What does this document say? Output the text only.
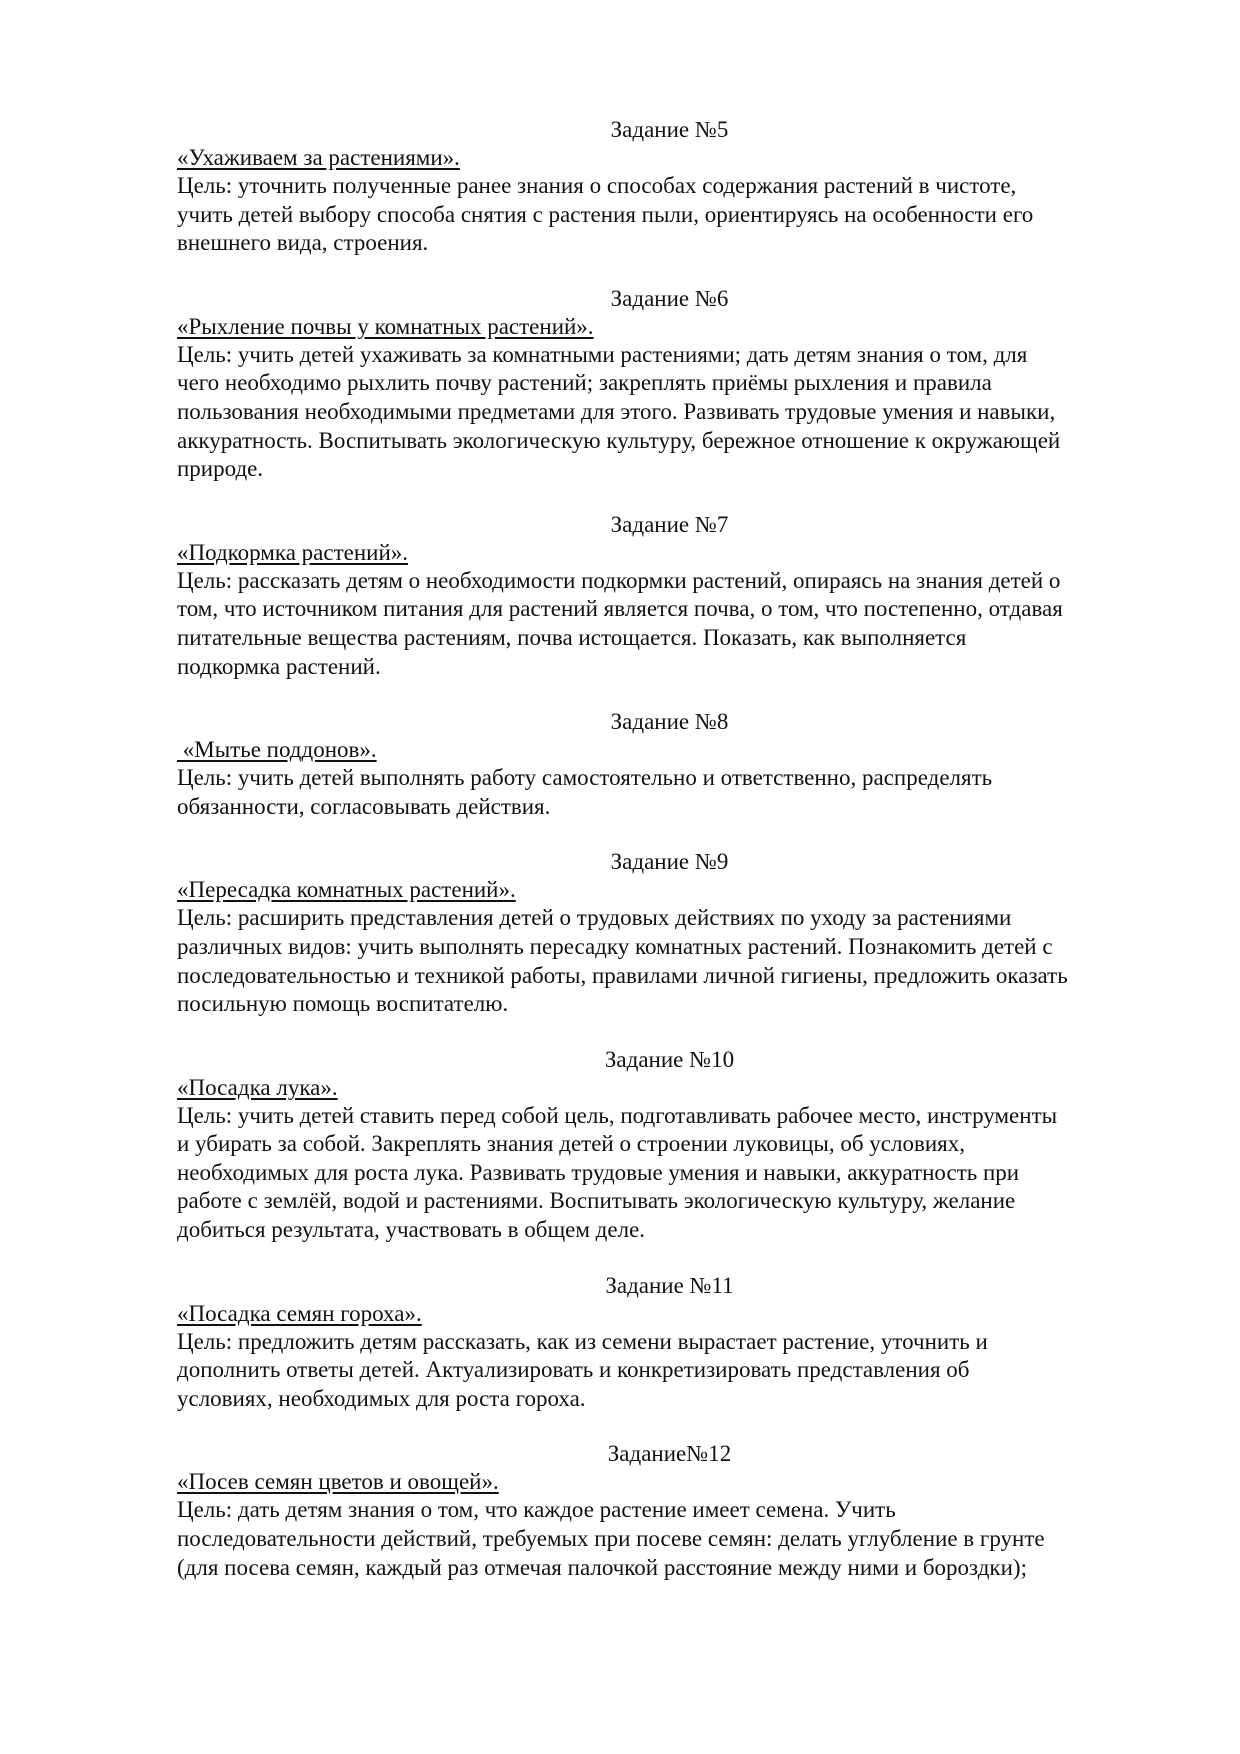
Задание №5
«Ухаживаем за растениями».
Цель: уточнить полученные ранее знания о способах содержания растений в чистоте,
учить детей выбору способа снятия с растения пыли, ориентируясь на особенности его
внешнего вида, строения.
Задание №6
«Рыхление почвы у комнатных растений».
Цель: учить детей ухаживать за комнатными растениями; дать детям знания о том, для
чего необходимо рыхлить почву растений; закреплять приёмы рыхления и правила
пользования необходимыми предметами для этого. Развивать трудовые умения и навыки,
аккуратность. Воспитывать экологическую культуру, бережное отношение к окружающей
природе.
Задание №7
«Подкормка растений».
Цель: рассказать детям о необходимости подкормки растений, опираясь на знания детей о
том, что источником питания для растений является почва, о том, что постепенно, отдавая
питательные вещества растениям, почва истощается. Показать, как выполняется
подкормка растений.
Задание №8
«Мытье поддонов».
Цель: учить детей выполнять работу самостоятельно и ответственно, распределять
обязанности, согласовывать действия.
Задание №9
«Пересадка комнатных растений».
Цель: расширить представления детей о трудовых действиях по уходу за растениями
различных видов: учить выполнять пересадку комнатных растений. Познакомить детей с
последовательностью и техникой работы, правилами личной гигиены, предложить оказать
посильную помощь воспитателю.
Задание №10
«Посадка лука».
Цель: учить детей ставить перед собой цель, подготавливать рабочее место, инструменты
и убирать за собой. Закреплять знания детей о строении луковицы, об условиях,
необходимых для роста лука. Развивать трудовые умения и навыки, аккуратность при
работе с землёй, водой и растениями. Воспитывать экологическую культуру, желание
добиться результата, участвовать в общем деле.
Задание №11
«Посадка семян гороха».
Цель: предложить детям рассказать, как из семени вырастает растение, уточнить и
дополнить ответы детей. Актуализировать и конкретизировать представления об
условиях, необходимых для роста гороха.
Задание№12
«Посев семян цветов и овощей».
Цель: дать детям знания о том, что каждое растение имеет семена. Учить
последовательности действий, требуемых при посеве семян: делать углубление в грунте
(для посева семян, каждый раз отмечая палочкой расстояние между ними и бороздки);
